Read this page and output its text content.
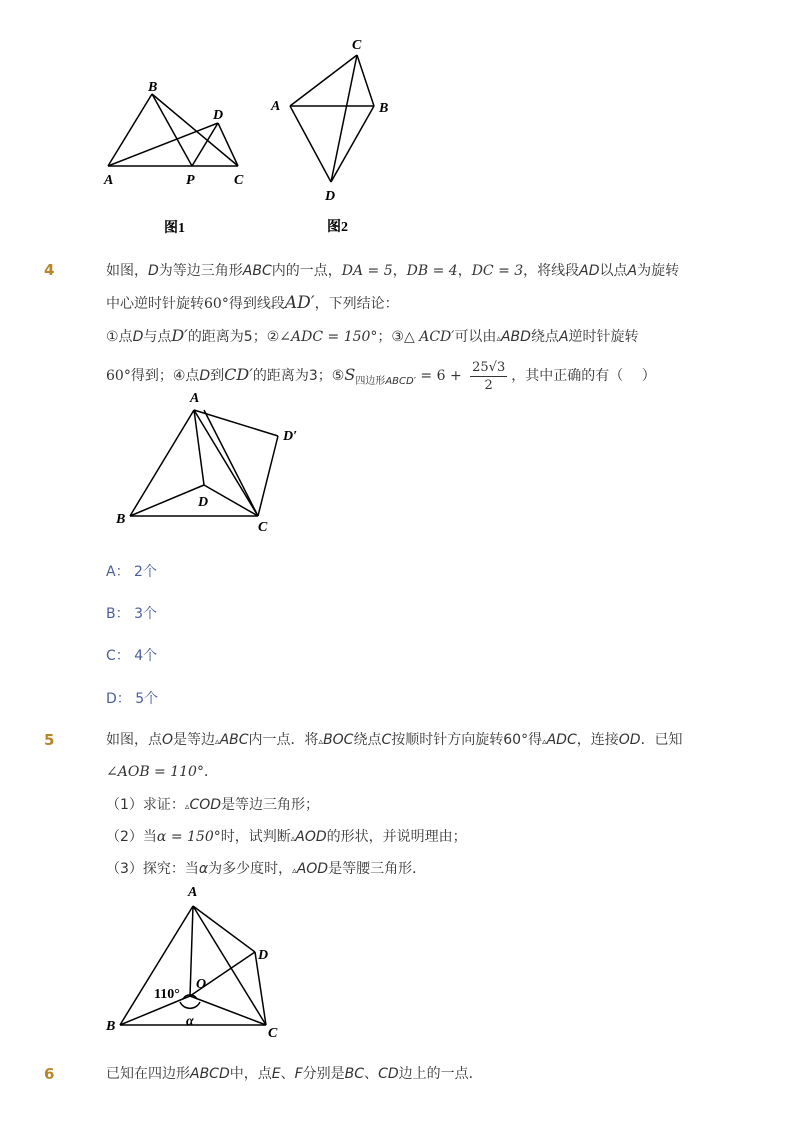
B
D
A	P	C
图1
C
A	B
D
图2
4	如图，D为等边三角形ABC内的一点，DA = 5，DB = 4，DC = 3，将线段AD以点A为旋转
中心逆时针旋转60°得到线段AD′，下列结论：
①点D与点D′的距离为5；②∠ADC = 150°；③△ ACD′可以由▵ABD绕点A逆时针旋转
60°得到；④点D到CD′的距离为3；$⑤S_{四边形ABCD'} = 6 + \frac{25√3}{2}$ ，其中正确的有（　 ）
A
D′
D
B
C
A： 2个
B： 3个
C： 4个
D： 5个
5	如图，点O是等边▵ABC内一点．将▵BOC绕点C按顺时针方向旋转60°得▵ADC，连接OD．已知
∠AOB = 110°．
（1）求证：▵COD是等边三角形；
（2）当α = 150°时，试判断▵AOD的形状，并说明理由；
（3）探究：当α为多少度时，▵AOD是等腰三角形．
A
D
O
110°
α
B	C
6	已知在四边形ABCD中，点E、F分别是BC、CD边上的一点．
